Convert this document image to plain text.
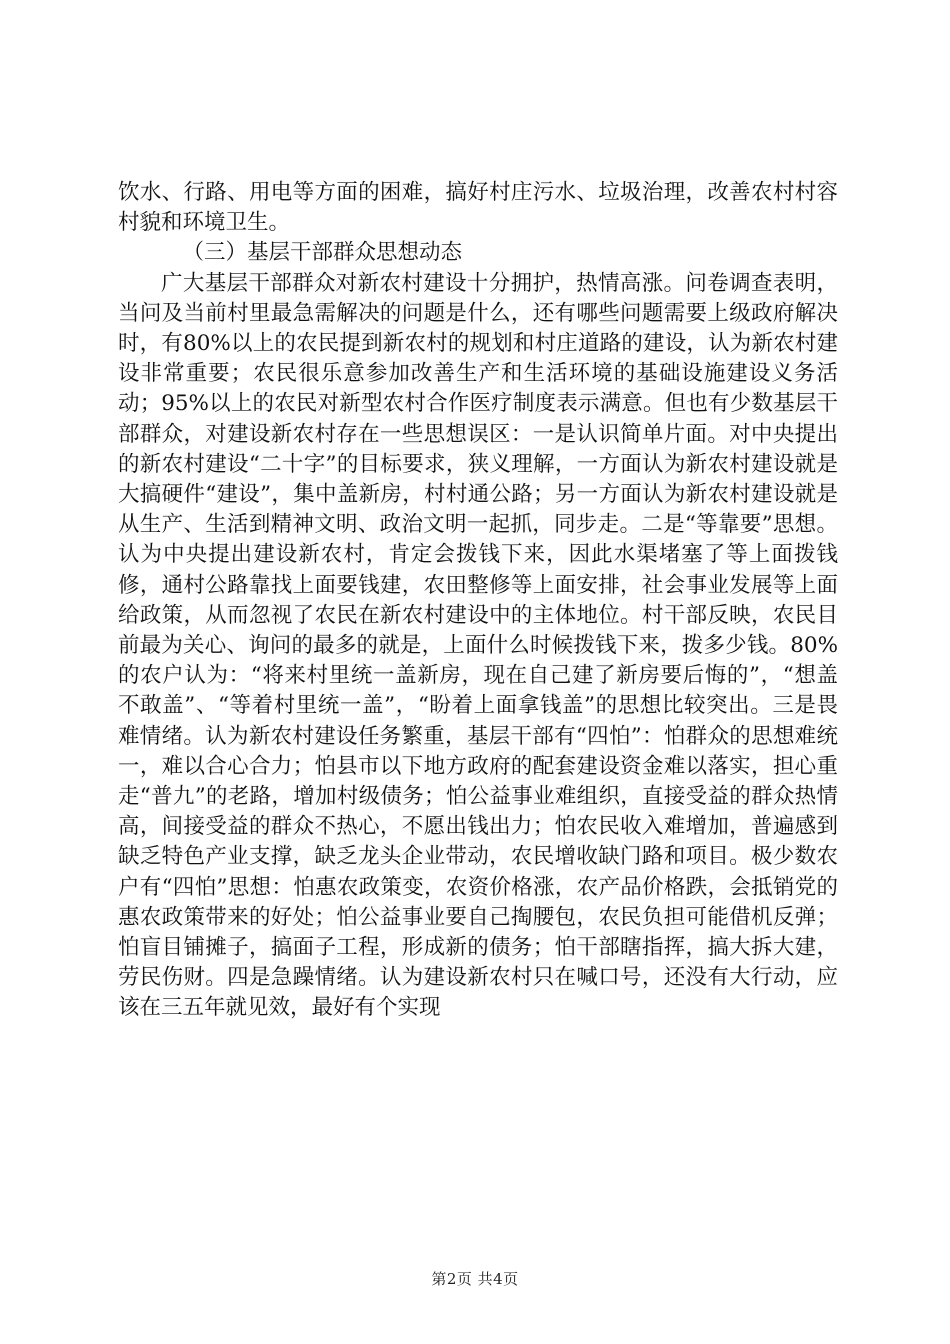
饮水、行路、用电等方面的困难，搞好村庄污水、垃圾治理，改善农村村容村貌和环境卫生。

（三）基层干部群众思想动态

广大基层干部群众对新农村建设十分拥护，热情高涨。问卷调查表明，当问及当前村里最急需解决的问题是什么，还有哪些问题需要上级政府解决时，有80%以上的农民提到新农村的规划和村庄道路的建设，认为新农村建设非常重要；农民很乐意参加改善生产和生活环境的基础设施建设义务活动；95%以上的农民对新型农村合作医疗制度表示满意。但也有少数基层干部群众，对建设新农村存在一些思想误区：一是认识简单片面。对中央提出的新农村建设“二十字”的目标要求，狭义理解，一方面认为新农村建设就是大搞硬件“建设”，集中盖新房，村村通公路；另一方面认为新农村建设就是从生产、生活到精神文明、政治文明一起抓，同步走。二是“等靠要”思想。认为中央提出建设新农村，肯定会拨钱下来，因此水渠堵塞了等上面拨钱修，通村公路靠找上面要钱建，农田整修等上面安排，社会事业发展等上面给政策，从而忽视了农民在新农村建设中的主体地位。村干部反映，农民目前最为关心、询问的最多的就是，上面什么时候拨钱下来，拨多少钱。80%的农户认为：“将来村里统一盖新房，现在自己建了新房要后悔的”，“想盖不敢盖”、“等着村里统一盖”，“盼着上面拿钱盖”的思想比较突出。三是畏难情绪。认为新农村建设任务繁重，基层干部有“四怕”：怕群众的思想难统一，难以合心合力；怕县市以下地方政府的配套建设资金难以落实，担心重走“普九”的老路，增加村级债务；怕公益事业难组织，直接受益的群众热情高，间接受益的群众不热心，不愿出钱出力；怕农民收入难增加，普遍感到缺乏特色产业支撑，缺乏龙头企业带动，农民增收缺门路和项目。极少数农户有“四怕”思想：怕惠农政策变，农资价格涨，农产品价格跌，会抵销党的惠农政策带来的好处；怕公益事业要自己掏腰包，农民负担可能借机反弹；怕盲目铺摊子，搞面子工程，形成新的债务；怕干部瞎指挥，搞大拆大建，劳民伤财。四是急躁情绪。认为建设新农村只在喊口号，还没有大行动，应该在三五年就见效，最好有个实现

第2页 共4页
